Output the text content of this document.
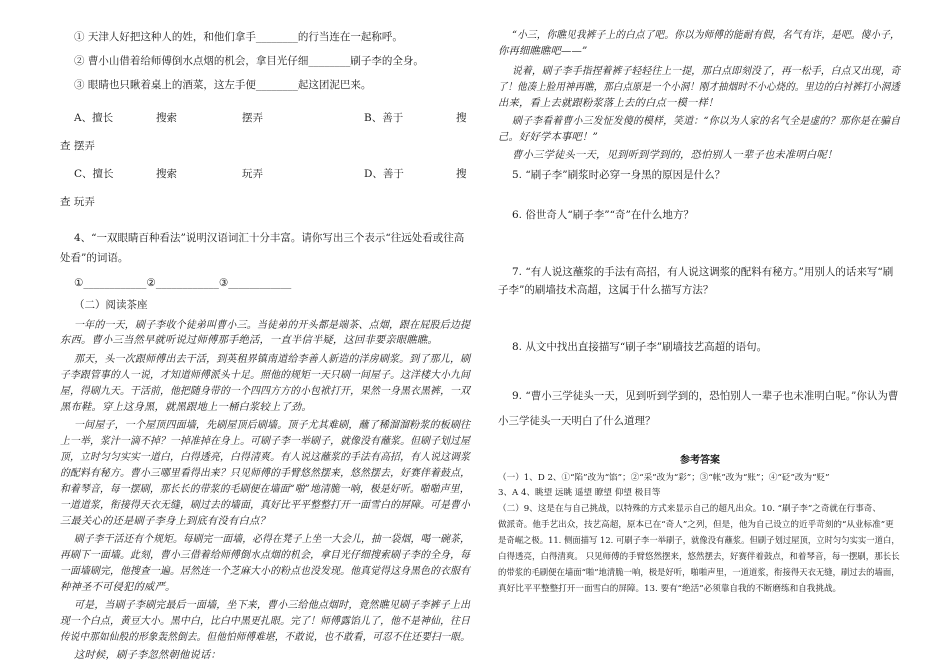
① 天津人好把这种人的姓，和他们拿手________的行当连在一起称呼。
② 曹小山借着给师傅倒水点烟的机会，拿目光仔细________刷子李的全身。
③ 眼睛也只瞅着桌上的酒菜，这左手便________起这团泥巴来。
A、擅长	搜索	摆弄	B、善于	搜
查 摆弄
C、擅长	搜索	玩弄	D、善于	搜
查 玩弄
4、“一双眼睛百种看法”说明汉语词汇十分丰富。请你写出三个表示“往远处看或往高
处看”的词语。
①____________②____________③____________
（二）阅读茶座
一年的一天，刷子李收个徒弟叫曹小三。当徒弟的开头都是端茶、点烟，跟在屁股后边提
东西。曹小三当然早就听说过师傅那手绝活，一直半信半疑，这回非要亲眼瞧瞧。
那天，头一次跟师傅出去干活，到英租界镇南道给李善人新造的洋房刷浆。到了那儿，刷
子李跟管事的人一说，才知道师傅派头十足。照他的规矩一天只刷一间屋子。这洋楼大小九间
屋，得刷九天。干活前，他把随身带的一个四四方方的小包袱打开，果然一身黑衣黑裤，一双
黑布鞋。穿上这身黑，就黑跟地上一桶白浆较上了劲。
一间屋子，一个屋顶四面墙，先刷屋顶后刷墙。顶子尤其难刷，蘸了稀溜溜粉浆的板刷往
上一举，浆汁一滴不掉？一掉准掉在身上。可刷子李一举刷子，就像没有蘸浆。但刷子划过屋
顶，立时匀匀实实一道白，白得透亮，白得清爽。有人说这蘸浆的手法有高招，有人说这调浆
的配料有秘方。曹小三哪里看得出来？只见师傅的手臂悠然摆来，悠然摆去，好赛伴着鼓点，
和着琴音，每一摆刷，那长长的带浆的毛刷便在墙面“啪”地清脆一响，极是好听。啪啪声里，
一道道浆，衔接得天衣无缝，刷过去的墙面，真好比平平整整打开一面雪白的屏障。可是曹小
三最关心的还是刷子李身上到底有没有白点？
刷子李干活还有个规矩。每刷完一面墙，必得在凳子上坐一大会儿，抽一袋烟，喝一碗茶，
再刷下一面墙。此刻，曹小三借着给师傅倒水点烟的机会，拿目光仔细搜索刷子李的全身，每
一面墙刷完，他搜查一遍。居然连一个芝麻大小的粉点也没发现。他真觉得这身黑色的衣服有
种神圣不可侵犯的威严。
可是，当刷子李刷完最后一面墙，坐下来，曹小三给他点烟时，竟然瞧见刷子李裤子上出
现一个白点，黄豆大小。黑中白，比白中黑更扎眼。完了！师傅露馅儿了，他不是神仙，往日
传说中那如仙般的形象轰然倒去。但他怕师傅难堪，不敢说，也不敢看，可忍不住还要扫一眼。
这时候，刷子李忽然朝他说话：
“小三，你瞧见我裤子上的白点了吧。你以为师傅的能耐有假，名气有诈，是吧。傻小子，
你再细瞧瞧吧——”
说着，刷子李手指捏着裤子轻轻往上一提，那白点即刻没了，再一松手，白点又出现，奇
了！他凑上脸用神再瞧，那白点原是一个小洞！刚才抽烟时不小心烧的。里边的白衬裤打小洞透
出来，看上去就跟粉浆落上去的白点一模一样！
刷子李看着曹小三发怔发傻的模样，笑道：“你以为人家的名气全是虚的？那你是在骗自
己。好好学本事吧！”
曹小三学徒头一天，见到听到学到的，恐怕别人一辈子也未准明白呢！
5. “刷子李”刷浆时必穿一身黑的原因是什么？
6. 俗世奇人“刷子李”“奇”在什么地方？
7. “有人说这蘸浆的手法有高招，有人说这调浆的配料有秘方。”用别人的话来写“刷
子李”的刷墙技术高超，这属于什么描写方法？
8. 从文中找出直接描写“刷子李”刷墙技艺高超的语句。
9. “曹小三学徒头一天，见到听到学到的，恐怕别人一辈子也未准明白呢。”你认为曹
小三学徒头一天明白了什么道理？
参考答案
（一）1、D 2、①“陷”改为“馅”；②“采”改为“彩”；③“帐”改为“账”；④“砭”改为“贬”
3、A 4、眺望 远眺 遥望 瞭望 仰望 极目等
（二）9、这是在与自己挑战，以特殊的方式来显示自己的超凡出众。10. “刷子李”之奇就在行事奇、
做派奇。他手艺出众，技艺高超，原本已在“奇人”之列，但是，他为自己设立的近乎苛刻的“从业标准”更
是奇崛之极。11. 侧面描写 12. 可刷子李一举刷子，就像没有蘸浆。但刷子划过屋顶，立时匀匀实实一道白，
白得透亮，白得清爽。 只见师傅的手臂悠然摆来，悠然摆去，好赛伴着鼓点，和着琴音，每一摆刷，那长长
的带浆的毛刷便在墙面“啪”地清脆一响，极是好听，啪啪声里，一道道浆，衔接得天衣无缝，刷过去的墙面，
真好比平平整整打开一面雪白的屏障。13. 要有“绝活”必须靠自我的不断磨练和自我挑战。
